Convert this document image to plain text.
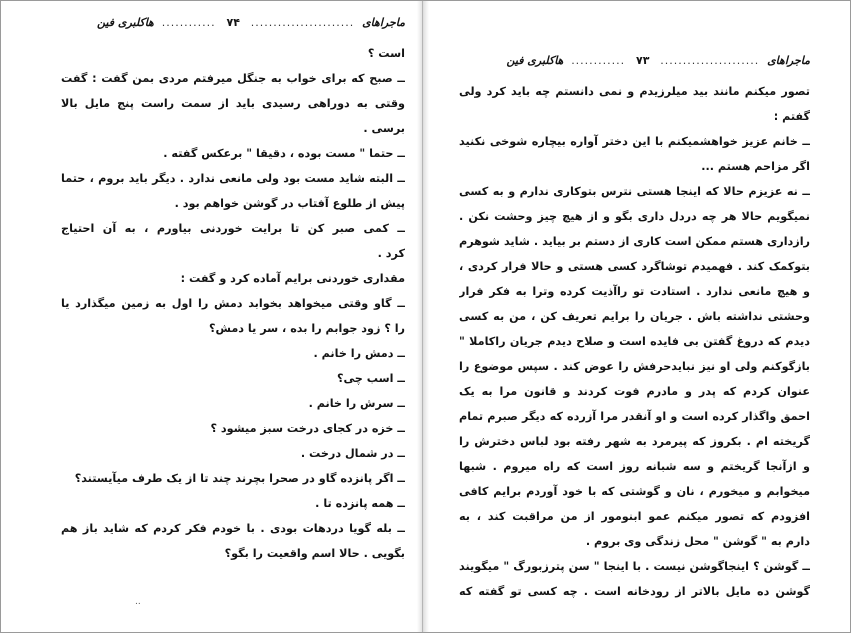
ماجراهای ....................... ۷۴ ............ هاکلبری فین
است ؟
ــ صبح که برای خواب به جنگل میرفتم مردی بمن گفت : گفت
وقتی به دوراهی رسیدی باید از سمت راست پنج مایل بالا
برسی .
ــ حتما " مست بوده ، دقیقا " برعکس گفته .
ــ البته شاید مست بود ولی مانعی ندارد . دیگر باید بروم ، حتما
پیش از طلوع آفتاب در گوشن خواهم بود .
ــ کمی صبر کن تا برایت خوردنی بیاورم ، به آن احتیاج
کرد .
مقداری خوردنی برایم آماده کرد و گفت :
ــ گاو وقتی میخواهد بخوابد دمش را اول به زمین میگذارد یا
را ؟ زود جوابم را بده ، سر یا دمش؟
ــ دمش را خانم .
ــ اسب چی؟
ــ سرش را خانم .
ــ خزه در کجای درخت سبز میشود ؟
ــ در شمال درخت .
ــ اگر پانزده گاو در صحرا بچرند چند تا از یک طرف میآیستند؟
ــ همه پانزده تا .
ــ بله گویا دردهات بودی . با خودم فکر کردم که شاید باز هم
بگویی . حالا اسم واقعیت را بگو؟
..
ماجراهای ...................... ۷۳ ............ هاکلبری فین
تصور میکنم مانند بید میلرزیدم و نمی دانستم چه باید کرد ولی
گفتم :
ــ خانم عزیز خواهشمیکنم با این دختر آواره بیچاره شوخی نکنید
اگر مزاحم هستم ...
ــ نه عزیزم حالا که اینجا هستی نترس بتوکاری ندارم و به کسی
نمیگویم حالا هر چه دردل داری بگو و از هیچ چیز وحشت نکن .
رازداری هستم ممکن است کاری از دستم بر بیاید . شاید شوهرم
بتوکمک کند . فهمیدم توشاگرد کسی هستی و حالا فرار کردی ،
و هیچ مانعی ندارد . استادت تو راآذیت کرده وترا به فکر فرار
وحشتی نداشته باش . جریان را برایم تعریف کن ، من به کسی
دیدم که دروغ گفتن بی فایده است و صلاح دیدم جریان راکاملا "
بازگوکنم ولی او نیز نبایدحرفش را عوض کند . سپس موضوع را
عنوان کردم که پدر و مادرم فوت کردند و قانون مرا به یک
احمق واگذار کرده است و او آنقدر مرا آزرده که دیگر صبرم تمام
گریخته ام . بکروز که پیرمرد به شهر رفته بود لباس دخترش را
و ازآنجا گریختم و سه شبانه روز است که راه میروم . شبها
میخوابم و میخورم ، نان و گوشتی که با خود آوردم برایم کافی
افزودم که تصور میکنم عمو ابنومور از من مراقبت کند ، به
دارم به " گوشن " محل زندگی وی بروم .
ــ گوشن ؟ اینجاگوشن نیست . با اینجا " سن پترزبورگ " میگویند
گوشن ده مایل بالاتر از رودخانه است . چه کسی تو گفته که
